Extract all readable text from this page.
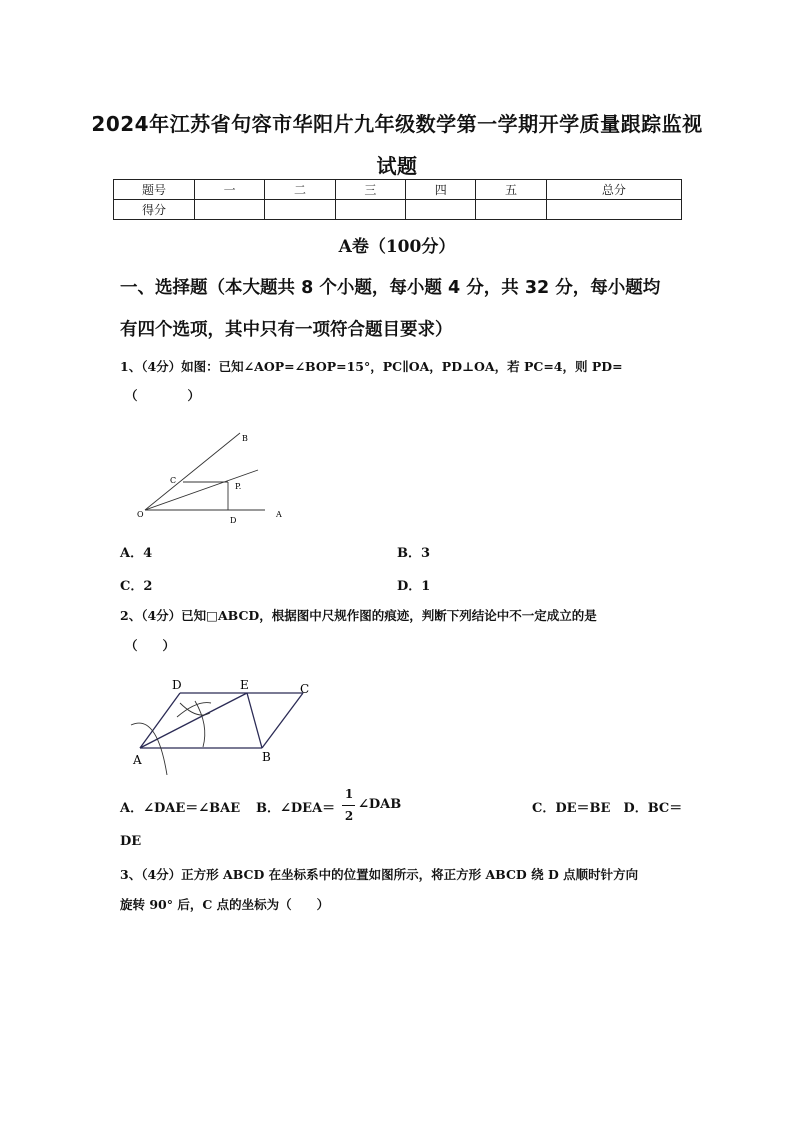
2024年江苏省句容市华阳片九年级数学第一学期开学质量跟踪监视
试题
题号	一	二	三	四	五	总分
得分						
A卷（100分）
一、选择题（本大题共 8 个小题，每小题 4 分，共 32 分，每小题均
有四个选项，其中只有一项符合题目要求）
1、（4分）如图：已知∠AOP=∠BOP=15°，PC∥OA，PD⊥OA，若 PC=4，则 PD=
（　　　　）
B
C
P.
O
D
A
A．4	B．3
C．2	D．1
2、（4分）已知□ABCD，根据图中尺规作图的痕迹，判断下列结论中不一定成立的是
（　　）
D	E	C
A	B
A．∠DAE＝∠BAE B．∠DEA＝
1
2
∠DAB	C．DE＝BE　D．BC＝
DE
3、（4分）正方形 ABCD 在坐标系中的位置如图所示，将正方形 ABCD 绕 D 点顺时针方向
旋转 90° 后，C 点的坐标为（　　）
